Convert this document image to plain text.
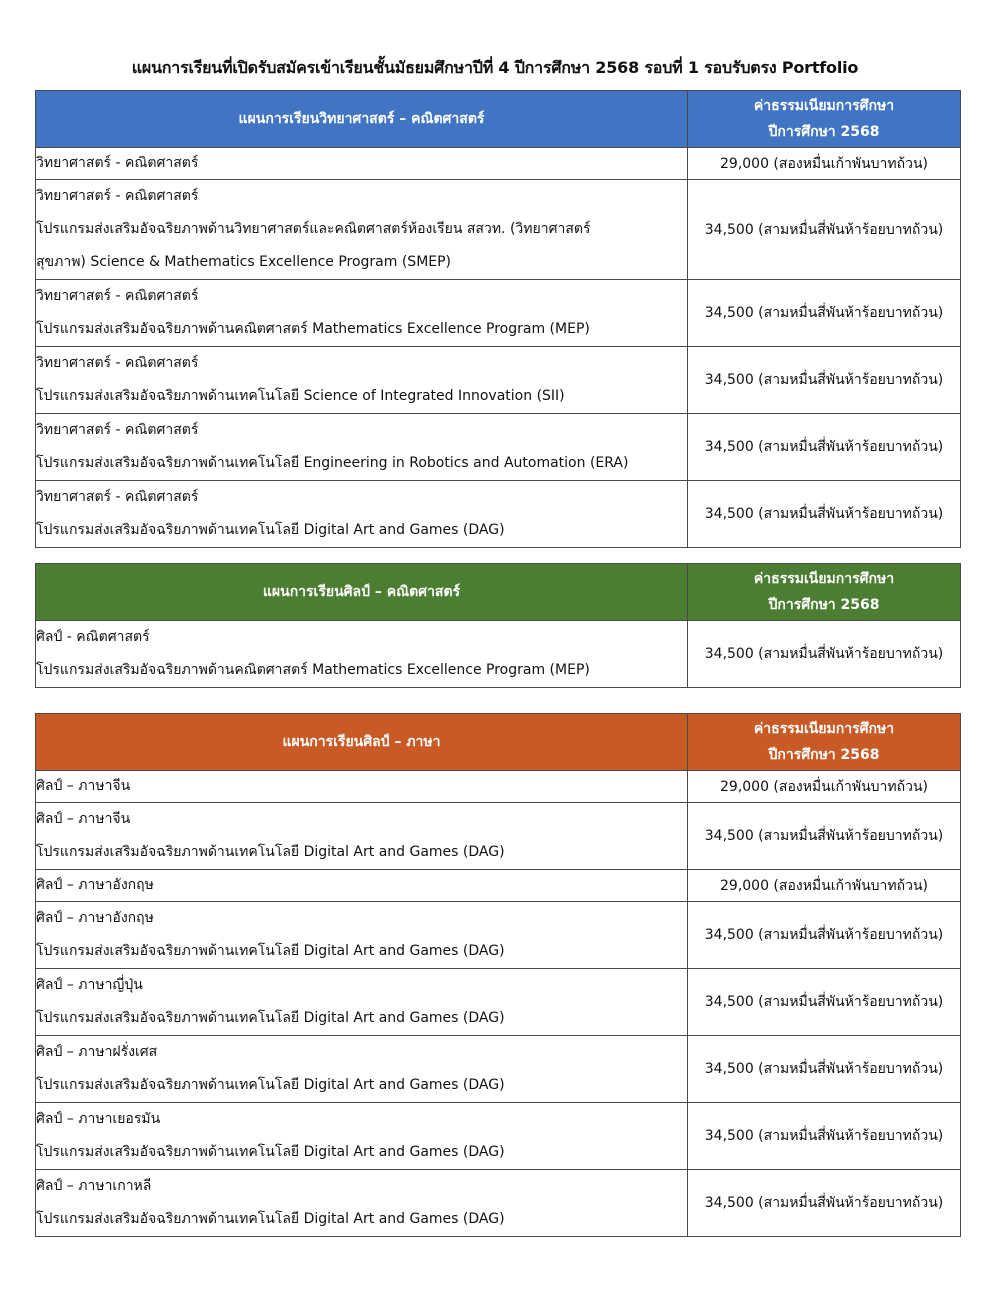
แผนการเรียนที่เปิดรับสมัครเข้าเรียนชั้นมัธยมศึกษาปีที่ 4 ปีการศึกษา 2568 รอบที่ 1 รอบรับตรง Portfolio
แผนการเรียนวิทยาศาสตร์ – คณิตศาสตร์	ค่าธรรมเนียมการศึกษา
ปีการศึกษา 2568

วิทยาศาสตร์ - คณิตศาสตร์	29,000 (สองหมื่นเก้าพันบาทถ้วน)

วิทยาศาสตร์ - คณิตศาสตร์
โปรแกรมส่งเสริมอัจฉริยภาพด้านวิทยาศาสตร์และคณิตศาสตร์ห้องเรียน สสวท. (วิทยาศาสตร์
สุขภาพ) Science & Mathematics Excellence Program (SMEP)	34,500 (สามหมื่นสี่พันห้าร้อยบาทถ้วน)

วิทยาศาสตร์ - คณิตศาสตร์
โปรแกรมส่งเสริมอัจฉริยภาพด้านคณิตศาสตร์ Mathematics Excellence Program (MEP)	34,500 (สามหมื่นสี่พันห้าร้อยบาทถ้วน)

วิทยาศาสตร์ - คณิตศาสตร์
โปรแกรมส่งเสริมอัจฉริยภาพด้านเทคโนโลยี Science of Integrated Innovation (SII)	34,500 (สามหมื่นสี่พันห้าร้อยบาทถ้วน)

วิทยาศาสตร์ - คณิตศาสตร์
โปรแกรมส่งเสริมอัจฉริยภาพด้านเทคโนโลยี Engineering in Robotics and Automation (ERA)	34,500 (สามหมื่นสี่พันห้าร้อยบาทถ้วน)

วิทยาศาสตร์ - คณิตศาสตร์
โปรแกรมส่งเสริมอัจฉริยภาพด้านเทคโนโลยี Digital Art and Games (DAG)	34,500 (สามหมื่นสี่พันห้าร้อยบาทถ้วน)
แผนการเรียนศิลป์ – คณิตศาสตร์	ค่าธรรมเนียมการศึกษา
ปีการศึกษา 2568

ศิลป์ - คณิตศาสตร์
โปรแกรมส่งเสริมอัจฉริยภาพด้านคณิตศาสตร์ Mathematics Excellence Program (MEP)	34,500 (สามหมื่นสี่พันห้าร้อยบาทถ้วน)
แผนการเรียนศิลป์ – ภาษา	ค่าธรรมเนียมการศึกษา
ปีการศึกษา 2568

ศิลป์ – ภาษาจีน	29,000 (สองหมื่นเก้าพันบาทถ้วน)

ศิลป์ – ภาษาจีน
โปรแกรมส่งเสริมอัจฉริยภาพด้านเทคโนโลยี Digital Art and Games (DAG)	34,500 (สามหมื่นสี่พันห้าร้อยบาทถ้วน)

ศิลป์ – ภาษาอังกฤษ	29,000 (สองหมื่นเก้าพันบาทถ้วน)

ศิลป์ – ภาษาอังกฤษ
โปรแกรมส่งเสริมอัจฉริยภาพด้านเทคโนโลยี Digital Art and Games (DAG)	34,500 (สามหมื่นสี่พันห้าร้อยบาทถ้วน)

ศิลป์ – ภาษาญี่ปุ่น
โปรแกรมส่งเสริมอัจฉริยภาพด้านเทคโนโลยี Digital Art and Games (DAG)	34,500 (สามหมื่นสี่พันห้าร้อยบาทถ้วน)

ศิลป์ – ภาษาฝรั่งเศส
โปรแกรมส่งเสริมอัจฉริยภาพด้านเทคโนโลยี Digital Art and Games (DAG)	34,500 (สามหมื่นสี่พันห้าร้อยบาทถ้วน)

ศิลป์ – ภาษาเยอรมัน
โปรแกรมส่งเสริมอัจฉริยภาพด้านเทคโนโลยี Digital Art and Games (DAG)	34,500 (สามหมื่นสี่พันห้าร้อยบาทถ้วน)

ศิลป์ – ภาษาเกาหลี
โปรแกรมส่งเสริมอัจฉริยภาพด้านเทคโนโลยี Digital Art and Games (DAG)	34,500 (สามหมื่นสี่พันห้าร้อยบาทถ้วน)
